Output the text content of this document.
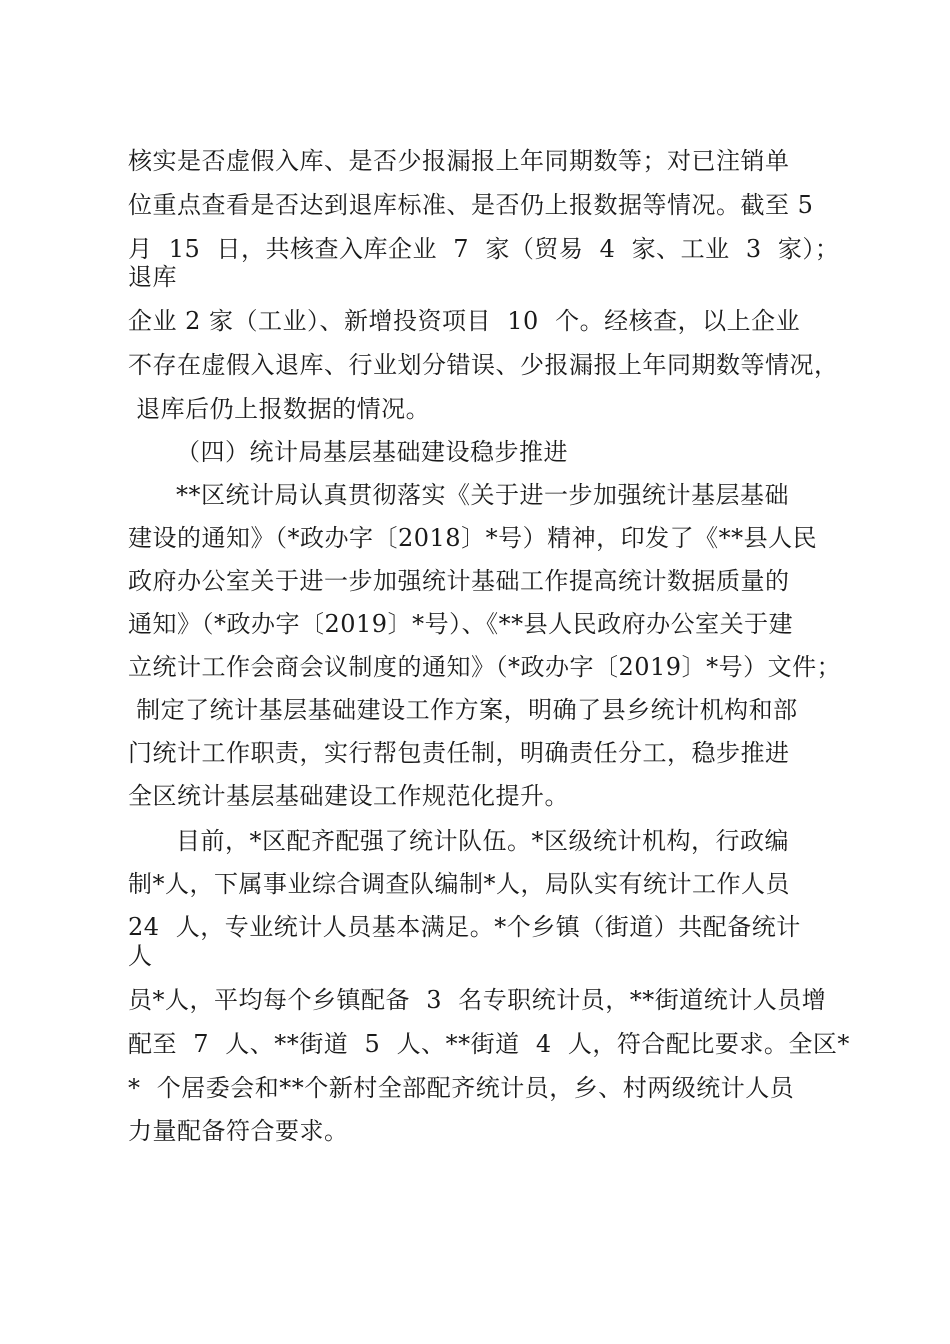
核实是否虚假入库、是否少报漏报上年同期数等；对已注销单
位重点查看是否达到退库标准、是否仍上报数据等情况。截至 5
月  15  日，共核查入库企业  7  家（贸易  4  家、工业  3  家）；
退库
企业 2 家（工业）、新增投资项目  10  个。经核查，以上企业
不存在虚假入退库、行业划分错误、少报漏报上年同期数等情况，
退库后仍上报数据的情况。
（四）统计局基层基础建设稳步推进
**区统计局认真贯彻落实《关于进一步加强统计基层基础
建设的通知》（*政办字〔2018〕*号）精神，印发了《**县人民
政府办公室关于进一步加强统计基础工作提高统计数据质量的
通知》（*政办字〔2019〕*号）、《**县人民政府办公室关于建
立统计工作会商会议制度的通知》（*政办字〔2019〕*号）文件；
制定了统计基层基础建设工作方案，明确了县乡统计机构和部
门统计工作职责，实行帮包责任制，明确责任分工，稳步推进
全区统计基层基础建设工作规范化提升。
目前，*区配齐配强了统计队伍。*区级统计机构，行政编
制*人，下属事业综合调查队编制*人，局队实有统计工作人员
24  人，专业统计人员基本满足。*个乡镇（街道）共配备统计
人
员*人，平均每个乡镇配备  3  名专职统计员，**街道统计人员增
配至  7  人、**街道  5  人、**街道  4  人，符合配比要求。全区*
*  个居委会和**个新村全部配齐统计员，乡、村两级统计人员
力量配备符合要求。
